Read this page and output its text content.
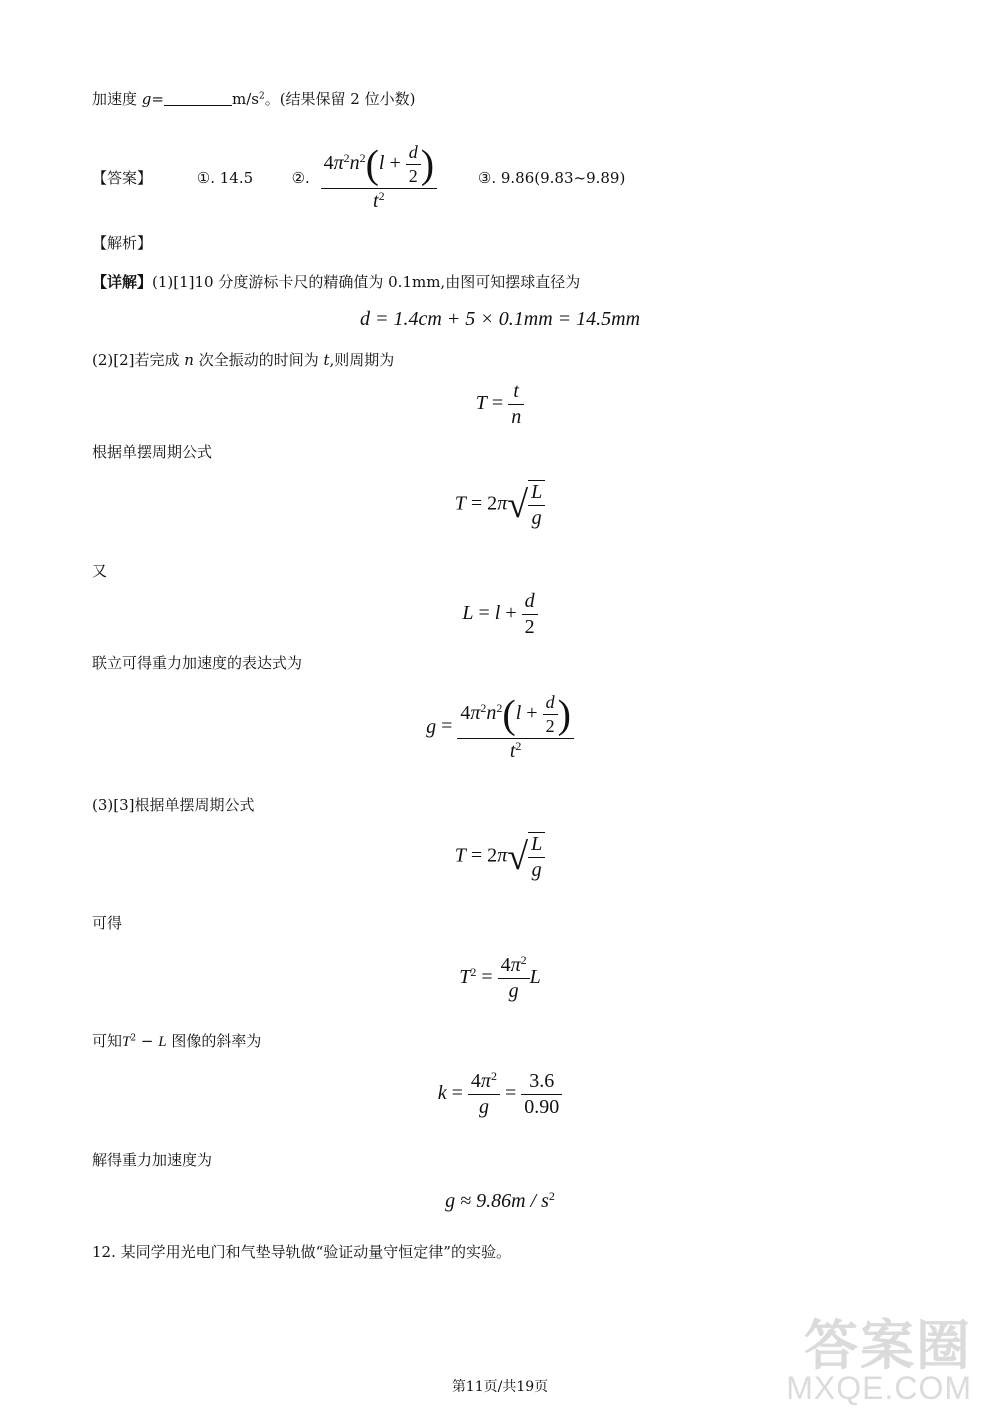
加速度 g=	$m/s^2$。(结果保留 2 位小数)
【答案】	①. 14.5	②. $\frac{4\pi^2n^2(l + \frac{d}{2} )}{t^2}$	③. 9.86(9.83~9.89)
【解析】
【详解】(1)[1]10 分度游标卡尺的精确值为 0.1mm,由图可知摆球直径为
d = 1.4cm + 5 × 0.1mm = 14.5mm
(2)[2]若完成 n 次全振动的时间为 t,则周期为
$T = \frac{t}{n}$
根据单摆周期公式
$T = 2\pi√ \frac{L}{g}$
又
$L = l + \frac{d}{2}$
联立可得重力加速度的表达式为
$g = \frac{4\pi^2n^2(l + \frac{d}{2} )}{t^2}$
(3)[3]根据单摆周期公式
$T = 2\pi√ \frac{L}{g}$
可得
$T^2 = \frac{4\pi^2}{g}$ L
可知$T^2 - L$ 图像的斜率为
$k = \frac{4\pi^2}{g} = \frac{3.6}{0.90}$
解得重力加速度为
$g \approx 9.86m / s^2$
12. 某同学用光电门和气垫导轨做“验证动量守恒定律”的实验。
答案圈
MXQE.COM
第11页/共19页
